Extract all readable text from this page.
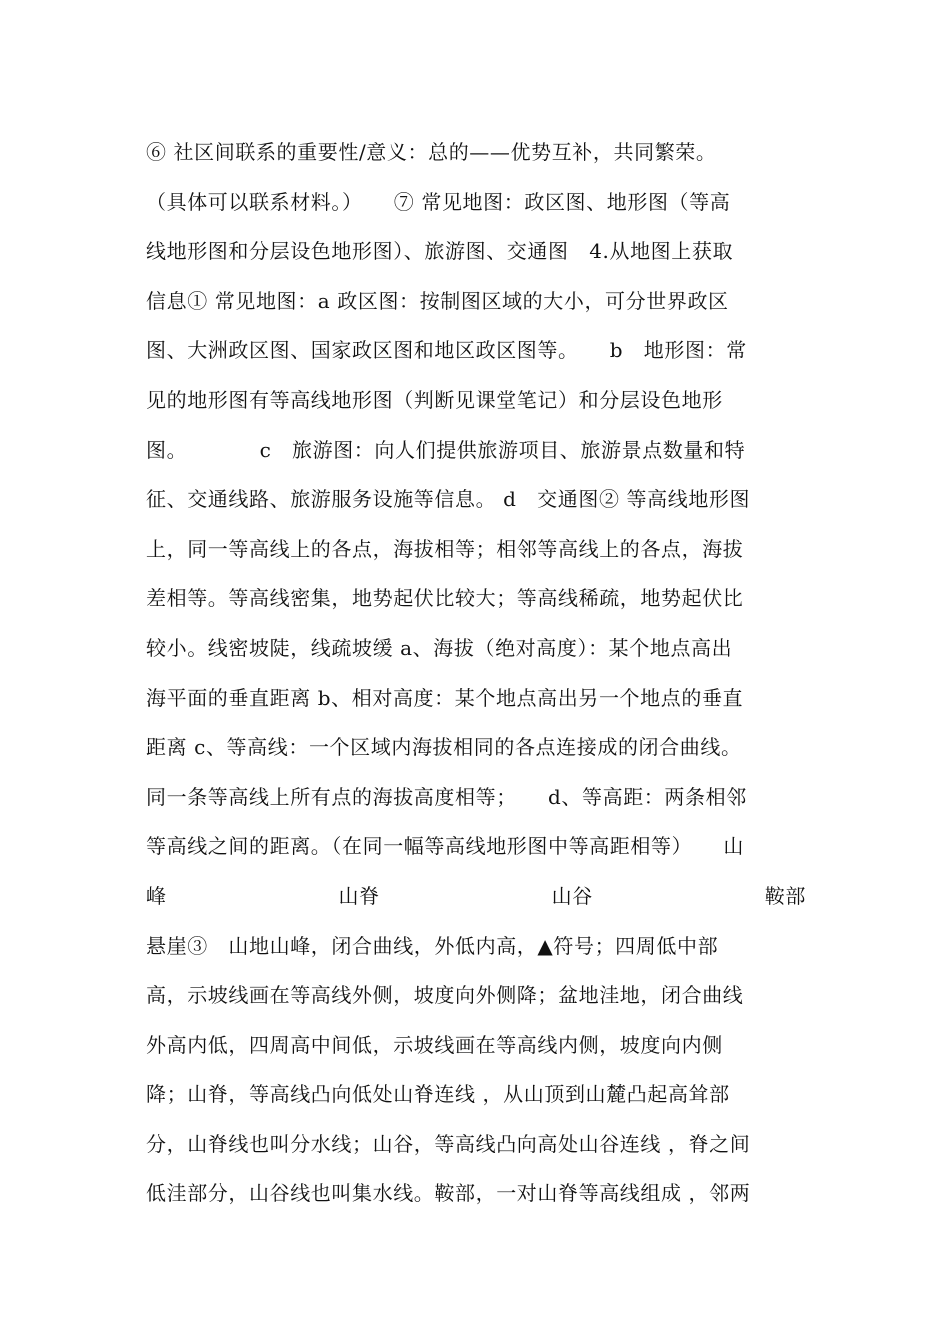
⑥ 社区间联系的重要性/意义：总的——优势互补，共同繁荣。
（具体可以联系材料。）　　⑦ 常见地图：政区图、地形图（等高
线地形图和分层设色地形图）、旅游图、交通图　4.从地图上获取
信息① 常见地图：a 政区图：按制图区域的大小，可分世界政区
图、大洲政区图、国家政区图和地区政区图等。　　b　地形图：常
见的地形图有等高线地形图（判断见课堂笔记）和分层设色地形
图。　　　　c　旅游图：向人们提供旅游项目、旅游景点数量和特
征、交通线路、旅游服务设施等信息。 d　交通图② 等高线地形图
上，同一等高线上的各点，海拔相等；相邻等高线上的各点，海拔
差相等。等高线密集，地势起伏比较大；等高线稀疏，地势起伏比
较小。线密坡陡，线疏坡缓 a、海拔（绝对高度）：某个地点高出
海平面的垂直距离 b、相对高度：某个地点高出另一个地点的垂直
距离 c、等高线：一个区域内海拔相同的各点连接成的闭合曲线。
同一条等高线上所有点的海拔高度相等；　　d、等高距：两条相邻
等高线之间的距离。（在同一幅等高线地形图中等高距相等）　　山
峰	山脊	山谷	鞍部
悬崖③　山地山峰，闭合曲线，外低内高，▲符号；四周低中部
高，示坡线画在等高线外侧，坡度向外侧降；盆地洼地，闭合曲线
外高内低，四周高中间低，示坡线画在等高线内侧，坡度向内侧
降；山脊，等高线凸向低处山脊连线 ，从山顶到山麓凸起高耸部
分，山脊线也叫分水线；山谷，等高线凸向高处山谷连线 ，脊之间
低洼部分，山谷线也叫集水线。鞍部，一对山脊等高线组成 ，邻两
